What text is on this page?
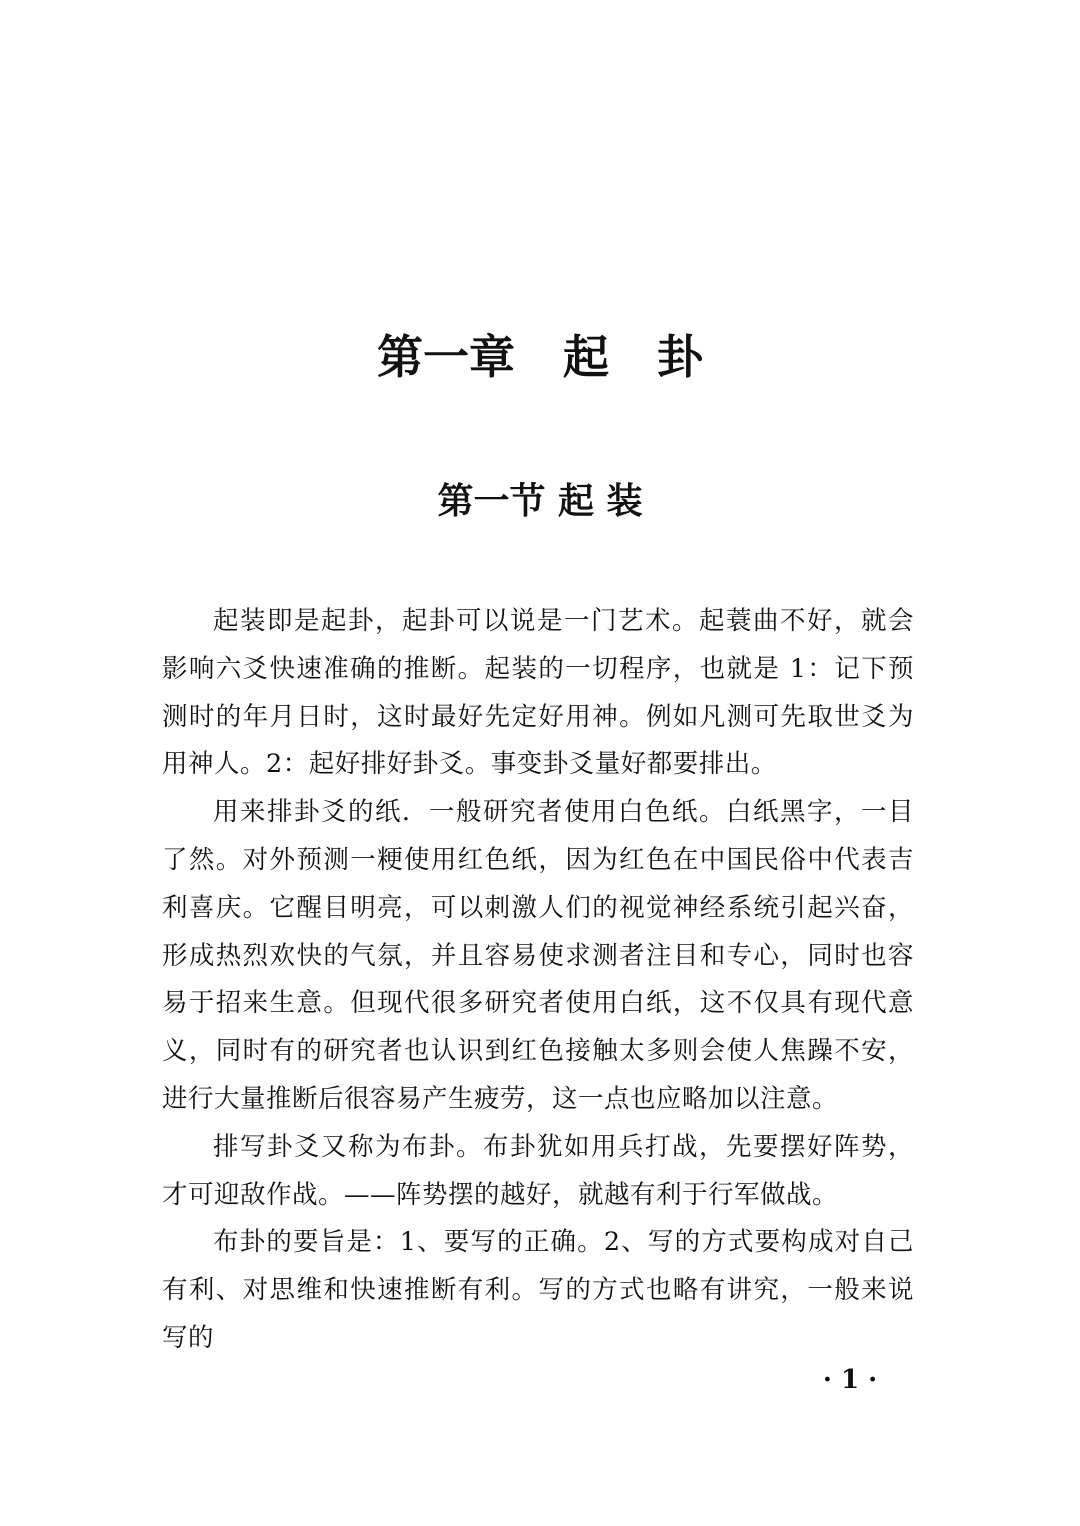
第一章   起   卦
第一节 起 装

起装即是起卦，起卦可以说是一门艺术。起蓑曲不好，就会影响六爻快速准确的推断。起装的一切程序，也就是 1：记下预测时的年月日时，这时最好先定好用神。例如凡测可先取世爻为用神人。2：起好排好卦爻。事变卦爻量好都要排出。

用来排卦爻的纸．一般研究者使用白色纸。白纸黑字，一目了然。对外预测一粳使用红色纸，因为红色在中国民俗中代表吉利喜庆。它醒目明亮，可以刺激人们的视觉神经系统引起兴奋，形成热烈欢快的气氛，并且容易使求测者注目和专心，同时也容易于招来生意。但现代很多研究者使用白纸，这不仅具有现代意义，同时有的研究者也认识到红色接触太多则会使人焦躁不安，进行大量推断后很容易产生疲劳，这一点也应略加以注意。

排写卦爻又称为布卦。布卦犹如用兵打战，先要摆好阵势，才可迎敌作战。——阵势摆的越好，就越有利于行军做战。

布卦的要旨是：1、要写的正确。2、写的方式要构成对自己有利、对思维和快速推断有利。写的方式也略有讲究，一般来说写的

· 1 ·
